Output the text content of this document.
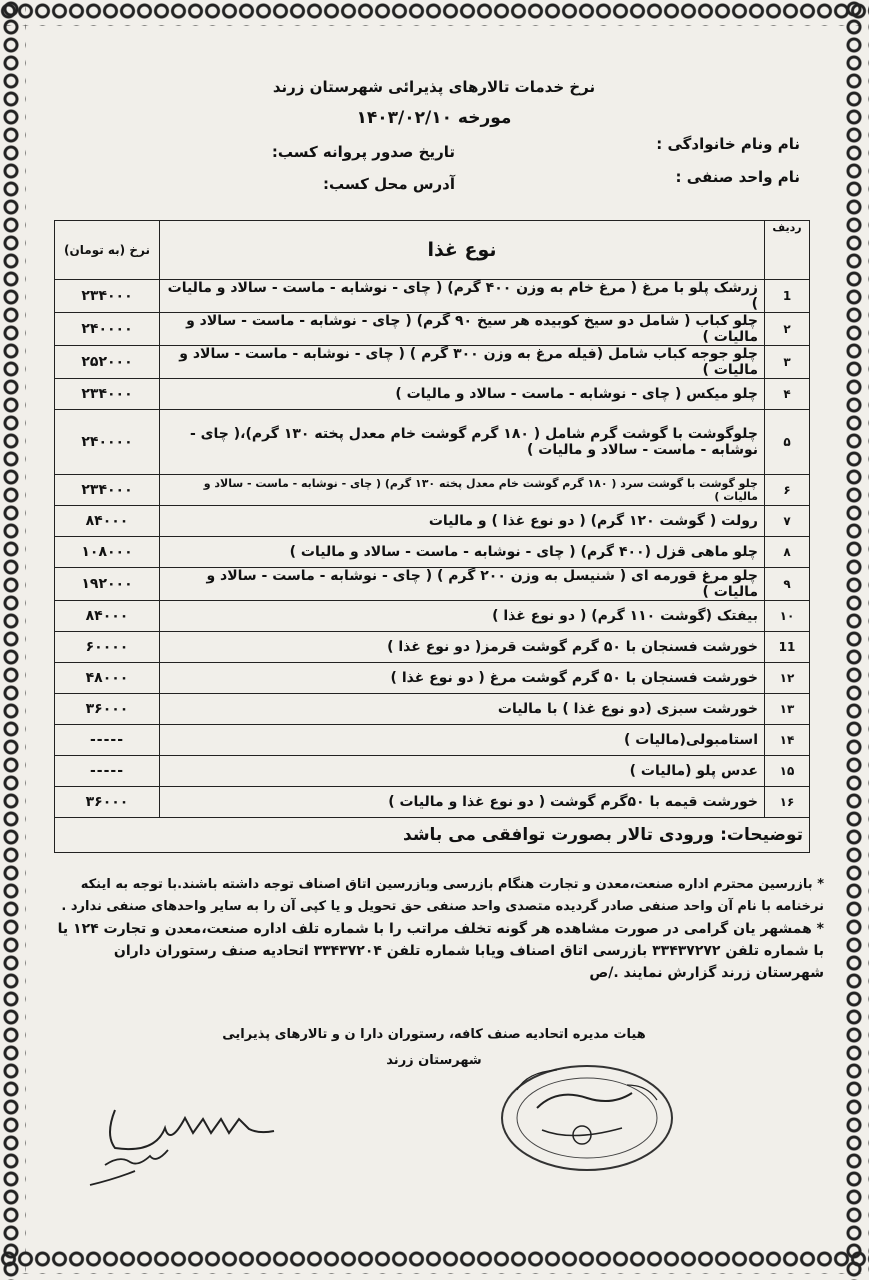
نرخ خدمات تالارهای پذیرائی شهرستان زرند
مورخه ۱۴۰۳/۰۲/۱۰
نام ونام خانوادگی :
نام واحد صنفی :
تاریخ صدور پروانه کسب:
آدرس محل کسب:
ردیف	نوع غذا	نرخ (به تومان)
1	زرشک پلو با مرغ ( مرغ خام به وزن ۴۰۰ گرم) ( چای - نوشابه - ماست - سالاد و مالیات )	۲۳۴۰۰۰
۲	چلو کباب ( شامل دو سیخ کوبیده هر سیخ ۹۰ گرم) ( چای - نوشابه - ماست - سالاد و مالیات )	۲۴۰۰۰۰
۳	چلو جوجه کباب شامل (فیله مرغ به وزن ۳۰۰ گرم ) ( چای - نوشابه - ماست - سالاد و مالیات )	۲۵۲۰۰۰
۴	چلو میکس ( چای - نوشابه - ماست - سالاد و مالیات )	۲۳۴۰۰۰
۵	چلوگوشت با گوشت گرم شامل ( ۱۸۰ گرم گوشت خام معدل پخته ۱۳۰ گرم)،( چای - نوشابه - ماست - سالاد و مالیات )	۲۴۰۰۰۰
۶	چلو گوشت با گوشت سرد ( ۱۸۰ گرم گوشت خام معدل پخته ۱۳۰ گرم) ( چای - نوشابه - ماست - سالاد و مالیات )	۲۳۴۰۰۰
۷	رولت ( گوشت ۱۲۰ گرم) ( دو نوع غذا ) و مالیات	۸۴۰۰۰
۸	چلو ماهی قزل (۴۰۰ گرم) ( چای - نوشابه - ماست - سالاد و مالیات )	۱۰۸۰۰۰
۹	چلو مرغ قورمه ای ( شنیسل به وزن ۲۰۰ گرم ) ( چای - نوشابه - ماست - سالاد و مالیات )	۱۹۲۰۰۰
۱۰	بیفتک (گوشت ۱۱۰ گرم) ( دو نوع غذا )	۸۴۰۰۰
11	خورشت فسنجان با ۵۰ گرم گوشت قرمز( دو نوع غذا )	۶۰۰۰۰
۱۲	خورشت فسنجان با ۵۰ گرم گوشت مرغ ( دو نوع غذا )	۴۸۰۰۰
۱۳	خورشت سبزی (دو نوع غذا ) با مالیات	۳۶۰۰۰
۱۴	استامبولی(مالیات )	-----
۱۵	عدس پلو (مالیات )	-----
۱۶	خورشت قیمه با ۵۰گرم گوشت ( دو نوع غذا و مالیات )	۳۶۰۰۰
توضیحات: ورودی تالار بصورت توافقی می باشد		

* بازرسین محترم اداره صنعت،معدن و تجارت هنگام بازرسی وبازرسین اتاق اصناف توجه داشته باشند.با توجه به اینکه نرخنامه با نام آن واحد صنفی صادر گردیده متصدی واحد صنفی حق تحویل و یا کپی آن را به سایر واحدهای صنفی ندارد .

* همشهر یان گرامی در صورت مشاهده هر گونه تخلف مراتب را با شماره تلف اداره صنعت،معدن و تجارت ۱۲۴ یا با شماره تلفن ۳۳۴۳۷۲۷۲ بازرسی اتاق اصناف ویابا شماره تلفن ۳۳۴۳۷۲۰۴ اتحادیه صنف رستوران داران شهرستان زرند گزارش نمایند ./ص

هیات مدیره اتحادیه صنف کافه، رستوران دارا ن و تالارهای پذیرایی
شهرستان زرند
